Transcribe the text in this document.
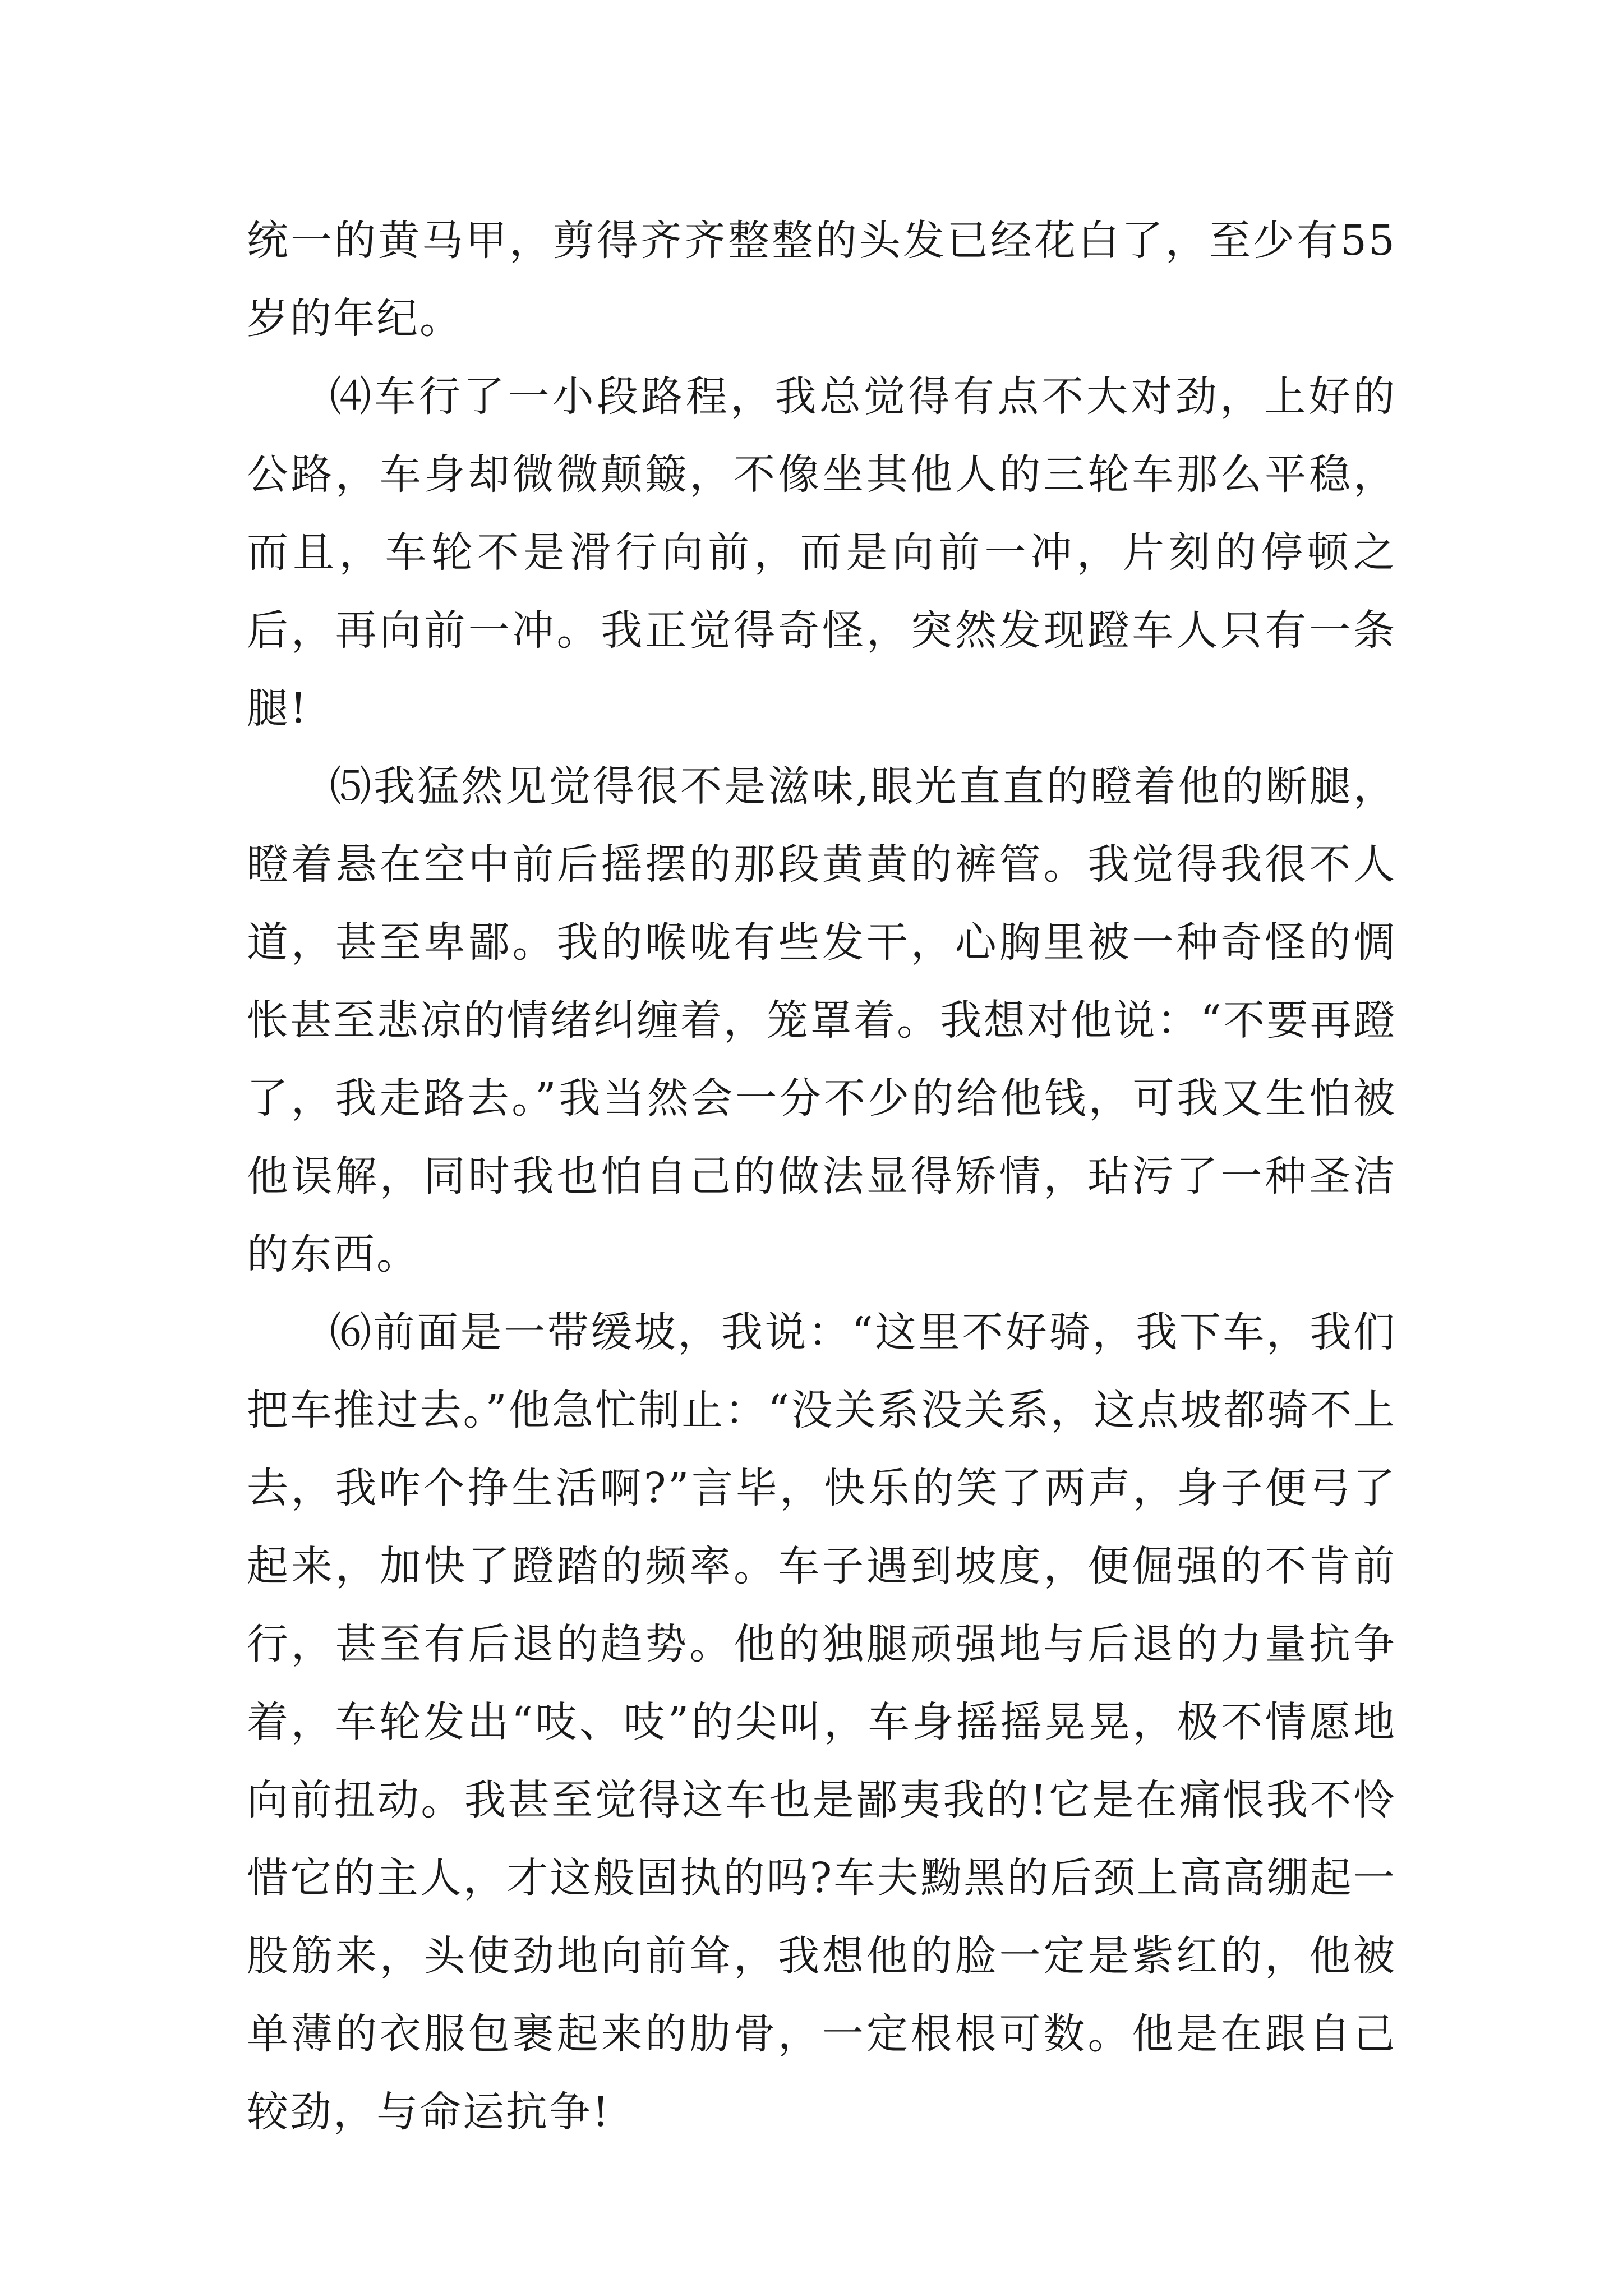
统一的黄马甲，剪得齐齐整整的头发已经花白了，至少有55岁的年纪。

⑷车行了一小段路程，我总觉得有点不大对劲，上好的公路，车身却微微颠簸，不像坐其他人的三轮车那么平稳，而且，车轮不是滑行向前，而是向前一冲，片刻的停顿之后，再向前一冲。我正觉得奇怪，突然发现蹬车人只有一条腿!

⑸我猛然见觉得很不是滋味,眼光直直的瞪着他的断腿，瞪着悬在空中前后摇摆的那段黄黄的裤管。我觉得我很不人道，甚至卑鄙。我的喉咙有些发干，心胸里被一种奇怪的惆怅甚至悲凉的情绪纠缠着，笼罩着。我想对他说：“不要再蹬了，我走路去。”我当然会一分不少的给他钱，可我又生怕被他误解，同时我也怕自己的做法显得矫情，玷污了一种圣洁的东西。

⑹前面是一带缓坡，我说：“这里不好骑，我下车，我们把车推过去。”他急忙制止：“没关系没关系，这点坡都骑不上去，我咋个挣生活啊?”言毕，快乐的笑了两声，身子便弓了起来，加快了蹬踏的频率。车子遇到坡度，便倔强的不肯前行，甚至有后退的趋势。他的独腿顽强地与后退的力量抗争着，车轮发出“吱、吱”的尖叫，车身摇摇晃晃，极不情愿地向前扭动。我甚至觉得这车也是鄙夷我的!它是在痛恨我不怜惜它的主人，才这般固执的吗?车夫黝黑的后颈上高高绷起一股筋来，头使劲地向前耸，我想他的脸一定是紫红的，他被单薄的衣服包裹起来的肋骨，一定根根可数。他是在跟自己较劲，与命运抗争!
